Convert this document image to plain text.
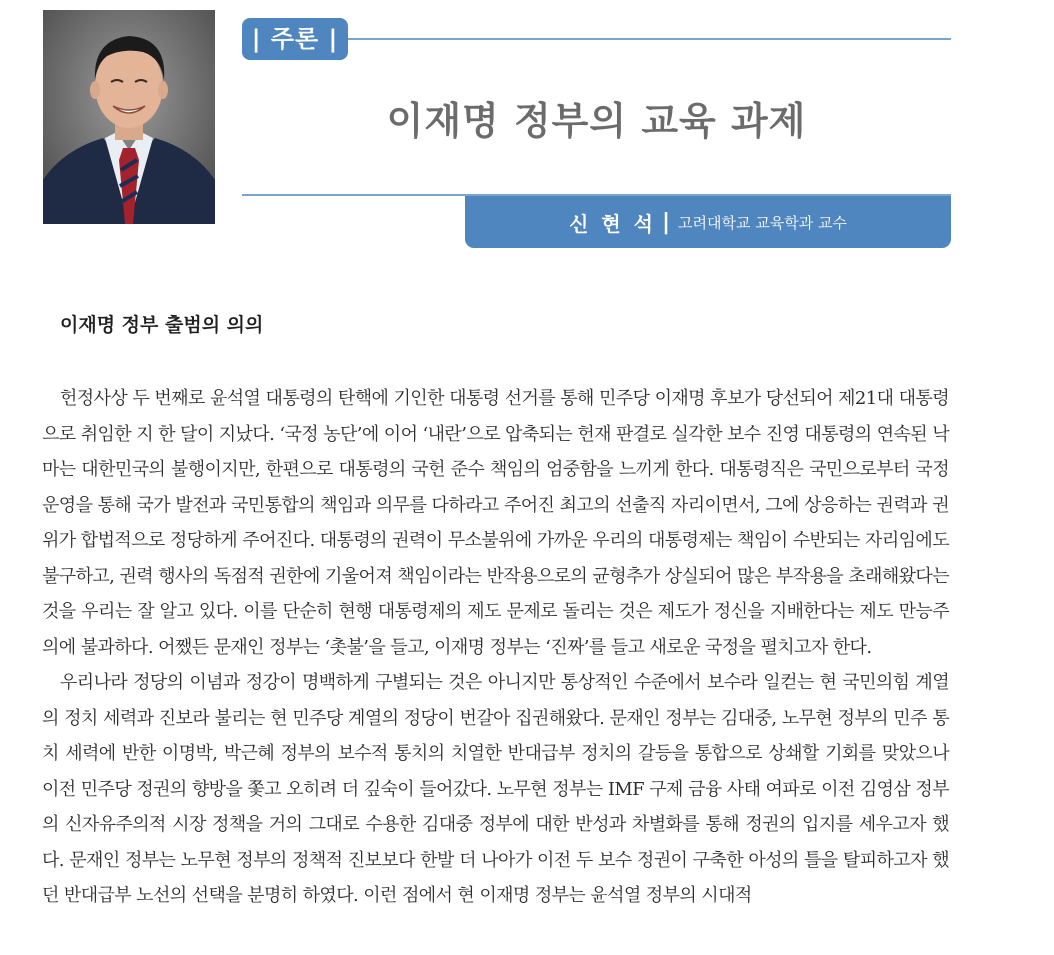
| 주론 |
이재명 정부의 교육 과제
신 현 석 | 고려대학교 교육학과 교수
이재명 정부 출범의 의의

헌정사상 두 번째로 윤석열 대통령의 탄핵에 기인한 대통령 선거를 통해 민주당 이재명 후보가 당선되어 제21대 대통령으로 취임한 지 한 달이 지났다. ‘국정 농단’에 이어 ‘내란’으로 압축되는 헌재 판결로 실각한 보수 진영 대통령의 연속된 낙마는 대한민국의 불행이지만, 한편으로 대통령의 국헌 준수 책임의 엄중함을 느끼게 한다. 대통령직은 국민으로부터 국정 운영을 통해 국가 발전과 국민통합의 책임과 의무를 다하라고 주어진 최고의 선출직 자리이면서, 그에 상응하는 권력과 권위가 합법적으로 정당하게 주어진다. 대통령의 권력이 무소불위에 가까운 우리의 대통령제는 책임이 수반되는 자리임에도 불구하고, 권력 행사의 독점적 권한에 기울어져 책임이라는 반작용으로의 균형추가 상실되어 많은 부작용을 초래해왔다는 것을 우리는 잘 알고 있다. 이를 단순히 현행 대통령제의 제도 문제로 돌리는 것은 제도가 정신을 지배한다는 제도 만능주의에 불과하다. 어쨌든 문재인 정부는 ‘촛불’을 들고, 이재명 정부는 ‘진짜’를 들고 새로운 국정을 펼치고자 한다.

우리나라 정당의 이념과 정강이 명백하게 구별되는 것은 아니지만 통상적인 수준에서 보수라 일컫는 현 국민의힘 계열의 정치 세력과 진보라 불리는 현 민주당 계열의 정당이 번갈아 집권해왔다. 문재인 정부는 김대중, 노무현 정부의 민주 통치 세력에 반한 이명박, 박근혜 정부의 보수적 통치의 치열한 반대급부 정치의 갈등을 통합으로 상쇄할 기회를 맞았으나 이전 민주당 정권의 향방을 쫓고 오히려 더 깊숙이 들어갔다. 노무현 정부는 IMF 구제 금융 사태 여파로 이전 김영삼 정부의 신자유주의적 시장 정책을 거의 그대로 수용한 김대중 정부에 대한 반성과 차별화를 통해 정권의 입지를 세우고자 했다. 문재인 정부는 노무현 정부의 정책적 진보보다 한발 더 나아가 이전 두 보수 정권이 구축한 아성의 틀을 탈피하고자 했던 반대급부 노선의 선택을 분명히 하였다. 이런 점에서 현 이재명 정부는 윤석열 정부의 시대적
